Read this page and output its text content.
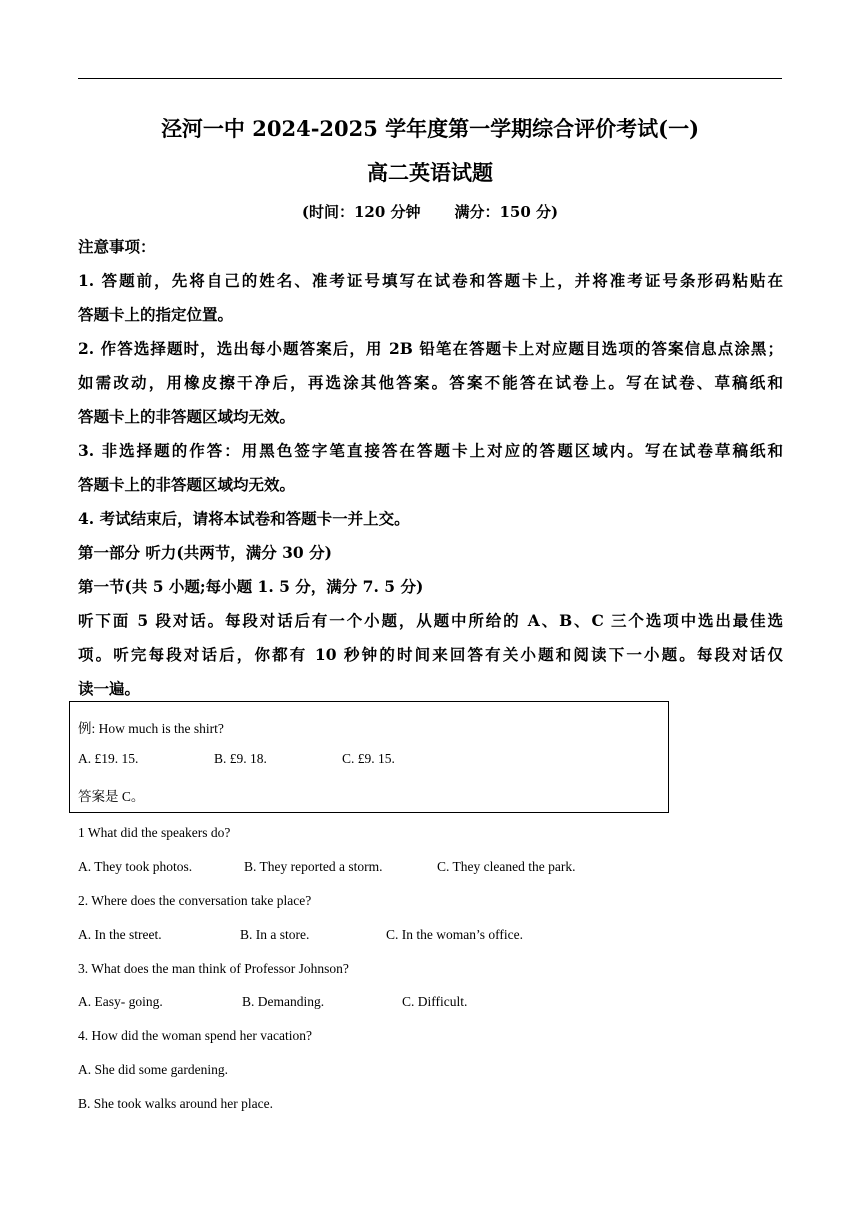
泾河一中 2024-2025 学年度第一学期综合评价考试(一)
高二英语试题
(时间：120 分钟 满分：150 分)
注意事项：
1. 答题前，先将自己的姓名、准考证号填写在试卷和答题卡上，并将准考证号条形码粘贴在
答题卡上的指定位置。
2. 作答选择题时，选出每小题答案后，用 2B 铅笔在答题卡上对应题目选项的答案信息点涂黑；
如需改动，用橡皮擦干净后，再选涂其他答案。答案不能答在试卷上。写在试卷、草稿纸和
答题卡上的非答题区域均无效。
3. 非选择题的作答：用黑色签字笔直接答在答题卡上对应的答题区域内。写在试卷草稿纸和
答题卡上的非答题区域均无效。
4. 考试结束后，请将本试卷和答题卡一并上交。
第一部分 听力(共两节，满分 30 分)
第一节(共 5 小题;每小题 1. 5 分，满分 7. 5 分)
听下面 5 段对话。每段对话后有一个小题，从题中所给的 A、B、C 三个选项中选出最佳选
项。听完每段对话后，你都有 10 秒钟的时间来回答有关小题和阅读下一小题。每段对话仅
读一遍。
例: How much is the shirt?
A. £19. 15.	B. £9. 18.	C. £9. 15.
答案是 C。
1 What did the speakers do?
A. They took photos.	B. They reported a storm.	C. They cleaned the park.
2. Where does the conversation take place?
A. In the street.	B. In a store.	C. In the woman’s office.
3. What does the man think of Professor Johnson?
A. Easy- going.	B. Demanding.	C. Difficult.
4. How did the woman spend her vacation?
A. She did some gardening.
B. She took walks around her place.
